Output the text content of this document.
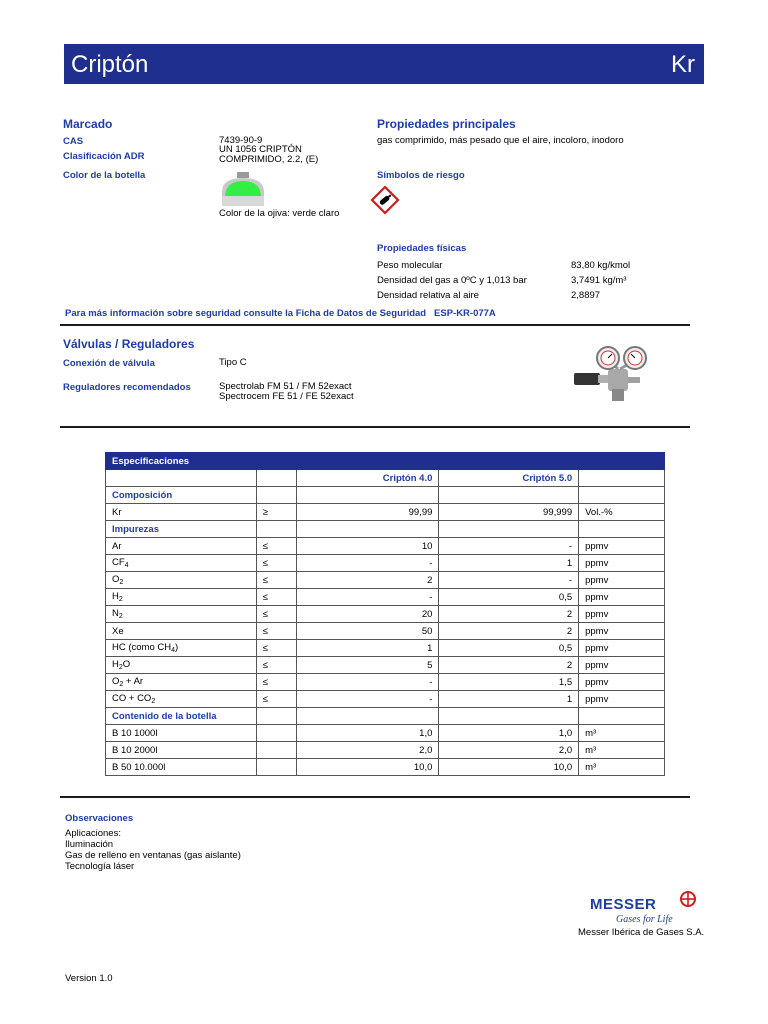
Criptón	Kr
Marcado
CAS	7439-90-9
Clasificación ADR
UN 1056 CRIPTÓN
COMPRIMIDO, 2.2, (E)
Color de la botella
Color de la ojiva: verde claro
Propiedades principales
gas comprimido, más pesado que el aire, incoloro, inodoro
Símbolos de riesgo
Propiedades físicas
Peso molecular	83,80 kg/kmol
Densidad del gas a 0ºC y 1,013 bar	3,7491 kg/m³
Densidad relativa al aire	2,8897
Para más información sobre seguridad consulte la Ficha de Datos de Seguridad   ESP-KR-077A
Válvulas / Reguladores
Conexión de válvula	Tipo C
Reguladores recomendados	Spectrolab FM 51 / FM 52exact
Spectrocem FE 51 / FE 52exact
Especificaciones				
		Criptón 4.0	Criptón 5.0	
Composición				
Kr	≥	99,99	99,999	Vol.-%
Impurezas				
Ar	≤	10	-	ppmv
$CF_4$	≤	-	1	ppmv
$O_2$	≤	2	-	ppmv
$H_2$	≤	-	0,5	ppmv
$N_2$	≤	20	2	ppmv
Xe	≤	50	2	ppmv
HC (como $CH_4$)	≤	1	0,5	ppmv
$H_2O$	≤	5	2	ppmv
$O_2 + Ar$	≤	-	1,5	ppmv
CO + $CO_2$	≤	-	1	ppmv
Contenido de la botella				
B 10 1000l		1,0	1,0	m³
B 10 2000l		2,0	2,0	m³
B 50 10.000l		10,0	10,0	m³
Observaciones
Aplicaciones:
Iluminación
Gas de relleno en ventanas (gas aislante)
Tecnología láser
MESSER
Gases for Life
Messer Ibérica de Gases S.A.
Version 1.0
